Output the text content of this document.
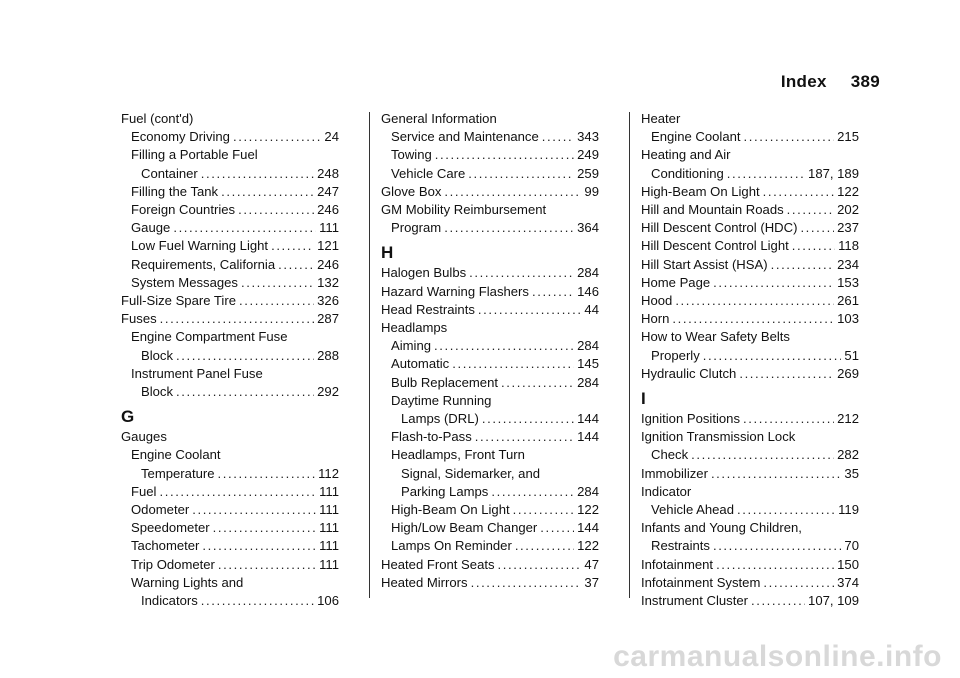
Index 389
Fuel (cont'd)
Economy Driving .....	24
Filling a Portable Fuel
Container .....	248
Filling the Tank .....	247
Foreign Countries .....	246
Gauge .....	111
Low Fuel Warning Light .....	121
Requirements, California .....	246
System Messages .....	132
Full-Size Spare Tire .....	326
Fuses .....	287
Engine Compartment Fuse
Block .....	288
Instrument Panel Fuse
Block .....	292
G
Gauges
Engine Coolant
Temperature .....	112
Fuel .....	111
Odometer .....	111
Speedometer .....	111
Tachometer .....	111
Trip Odometer .....	111
Warning Lights and
Indicators .....	106
General Information
Service and Maintenance .....	343
Towing .....	249
Vehicle Care .....	259
Glove Box .....	99
GM Mobility Reimbursement
Program .....	364
H
Halogen Bulbs .....	284
Hazard Warning Flashers .....	146
Head Restraints .....	44
Headlamps
Aiming .....	284
Automatic .....	145
Bulb Replacement .....	284
Daytime Running
Lamps (DRL) .....	144
Flash-to-Pass .....	144
Headlamps, Front Turn
Signal, Sidemarker, and
Parking Lamps .....	284
High-Beam On Light .....	122
High/Low Beam Changer .....	144
Lamps On Reminder .....	122
Heated Front Seats .....	47
Heated Mirrors .....	37
Heater
Engine Coolant .....	215
Heating and Air
Conditioning .....	187, 189
High-Beam On Light .....	122
Hill and Mountain Roads .....	202
Hill Descent Control (HDC) .....	237
Hill Descent Control Light .....	118
Hill Start Assist (HSA) .....	234
Home Page .....	153
Hood .....	261
Horn .....	103
How to Wear Safety Belts
Properly .....	51
Hydraulic Clutch .....	269
I
Ignition Positions .....	212
Ignition Transmission Lock
Check .....	282
Immobilizer .....	35
Indicator
Vehicle Ahead .....	119
Infants and Young Children,
Restraints .....	70
Infotainment .....	150
Infotainment System .....	374
Instrument Cluster .....	107, 109
carmanualsonline.info
